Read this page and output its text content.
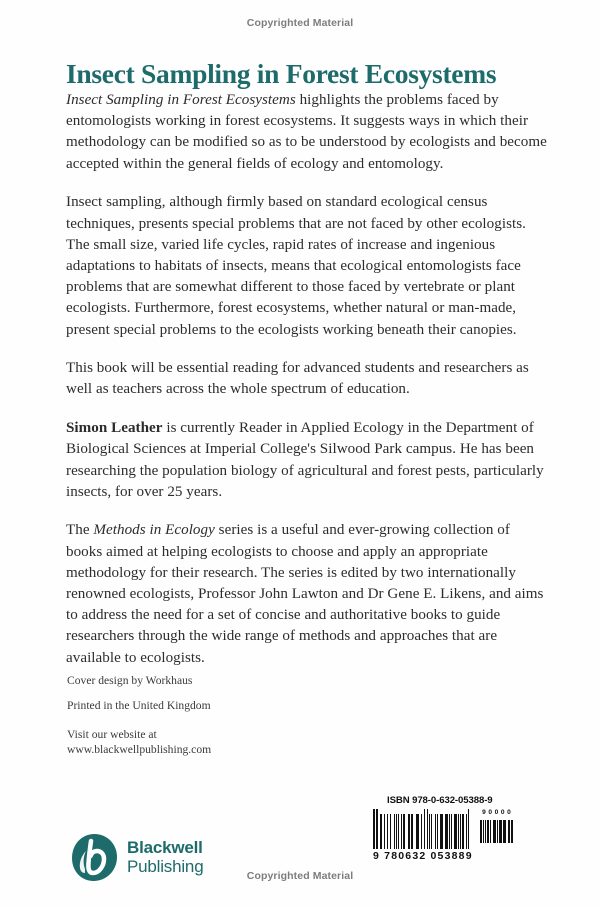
Copyrighted Material
Insect Sampling in Forest Ecosystems

Insect Sampling in Forest Ecosystems highlights the problems faced by entomologists working in forest ecosystems. It suggests ways in which their methodology can be modified so as to be understood by ecologists and become accepted within the general fields of ecology and entomology.

Insect sampling, although firmly based on standard ecological census techniques, presents special problems that are not faced by other ecologists. The small size, varied life cycles, rapid rates of increase and ingenious adaptations to habitats of insects, means that ecological entomologists face problems that are somewhat different to those faced by vertebrate or plant ecologists. Furthermore, forest ecosystems, whether natural or man-made, present special problems to the ecologists working beneath their canopies.

This book will be essential reading for advanced students and researchers as well as teachers across the whole spectrum of education.

Simon Leather is currently Reader in Applied Ecology in the Department of Biological Sciences at Imperial College's Silwood Park campus. He has been researching the population biology of agricultural and forest pests, particularly insects, for over 25 years.

The Methods in Ecology series is a useful and ever-growing collection of books aimed at helping ecologists to choose and apply an appropriate methodology for their research. The series is edited by two internationally renowned ecologists, Professor John Lawton and Dr Gene E. Likens, and aims to address the need for a set of concise and authoritative books to guide researchers through the wide range of methods and approaches that are available to ecologists.

Cover design by Workhaus
Printed in the United Kingdom
Visit our website at
www.blackwellpublishing.com
Blackwell
Publishing
ISBN 978-0-632-05388-9
9 780632 053889
90000
Copyrighted Material
